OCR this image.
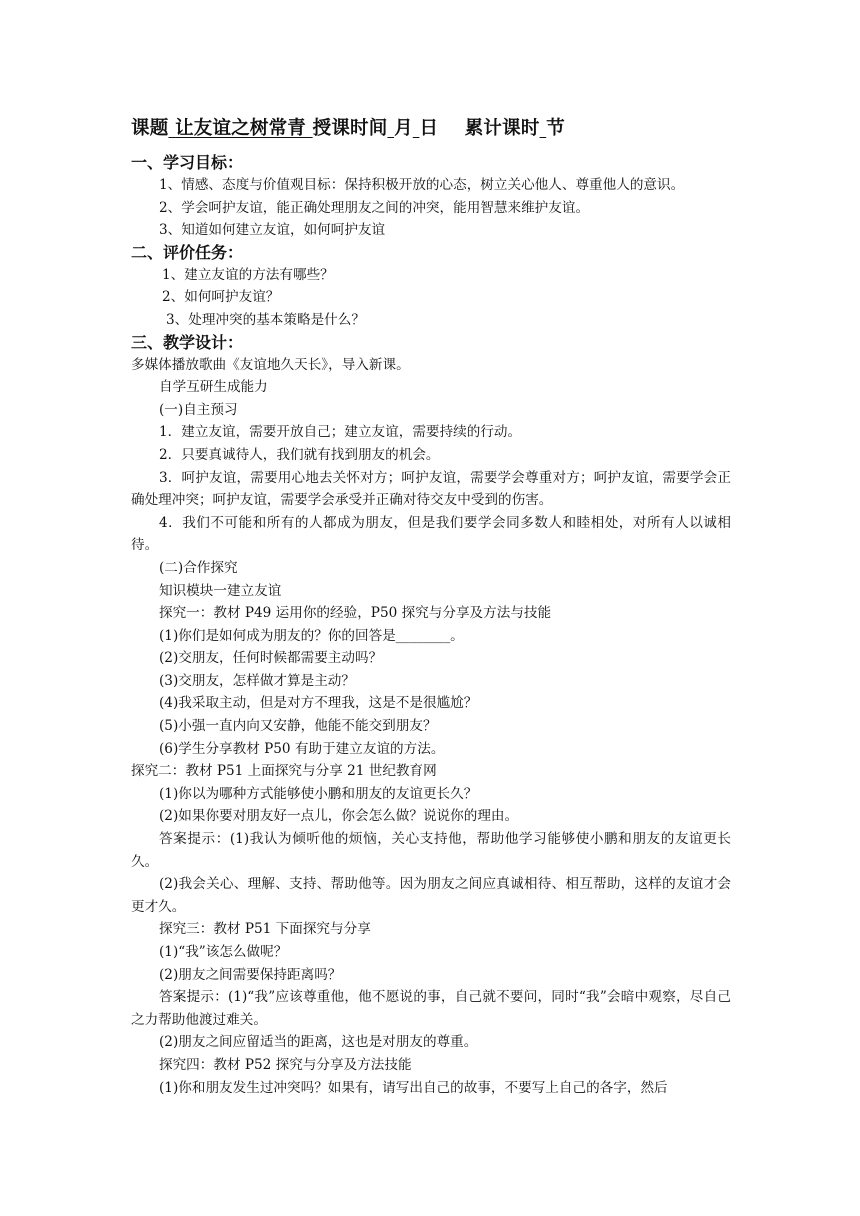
课题 让友谊之树常青 授课时间 月 日 累计课时 节
一、学习目标：
1、情感、态度与价值观目标：保持积极开放的心态，树立关心他人、尊重他人的意识。
2、学会呵护友谊，能正确处理朋友之间的冲突，能用智慧来维护友谊。
3、知道如何建立友谊，如何呵护友谊
二、评价任务：
1、建立友谊的方法有哪些？
2、如何呵护友谊？
3、处理冲突的基本策略是什么？
三、教学设计：
多媒体播放歌曲《友谊地久天长》，导入新课。
自学互研生成能力
(一)自主预习
1．建立友谊，需要开放自己；建立友谊，需要持续的行动。
2．只要真诚待人，我们就有找到朋友的机会。
3．呵护友谊，需要用心地去关怀对方；呵护友谊，需要学会尊重对方；呵护友谊，需要学会正确处理冲突；呵护友谊，需要学会承受并正确对待交友中受到的伤害。
4．我们不可能和所有的人都成为朋友，但是我们要学会同多数人和睦相处，对所有人以诚相待。
(二)合作探究
知识模块一建立友谊
探究一：教材 P49 运用你的经验，P50 探究与分享及方法与技能
(1)你们是如何成为朋友的？你的回答是________。
(2)交朋友，任何时候都需要主动吗？
(3)交朋友，怎样做才算是主动？
(4)我采取主动，但是对方不理我，这是不是很尴尬？
(5)小强一直内向又安静，他能不能交到朋友？
(6)学生分享教材 P50 有助于建立友谊的方法。
探究二：教材 P51 上面探究与分享 21 世纪教育网
(1)你以为哪种方式能够使小鹏和朋友的友谊更长久？
(2)如果你要对朋友好一点儿，你会怎么做？说说你的理由。
答案提示：(1)我认为倾听他的烦恼，关心支持他，帮助他学习能够使小鹏和朋友的友谊更长久。
(2)我会关心、理解、支持、帮助他等。因为朋友之间应真诚相待、相互帮助，这样的友谊才会更才久。
探究三：教材 P51 下面探究与分享
(1)“我”该怎么做呢？
(2)朋友之间需要保持距离吗？
答案提示：(1)“我”应该尊重他，他不愿说的事，自己就不要问，同时“我”会暗中观察，尽自己之力帮助他渡过难关。
(2)朋友之间应留适当的距离，这也是对朋友的尊重。
探究四：教材 P52 探究与分享及方法技能
(1)你和朋友发生过冲突吗？如果有，请写出自己的故事，不要写上自己的各字，然后
